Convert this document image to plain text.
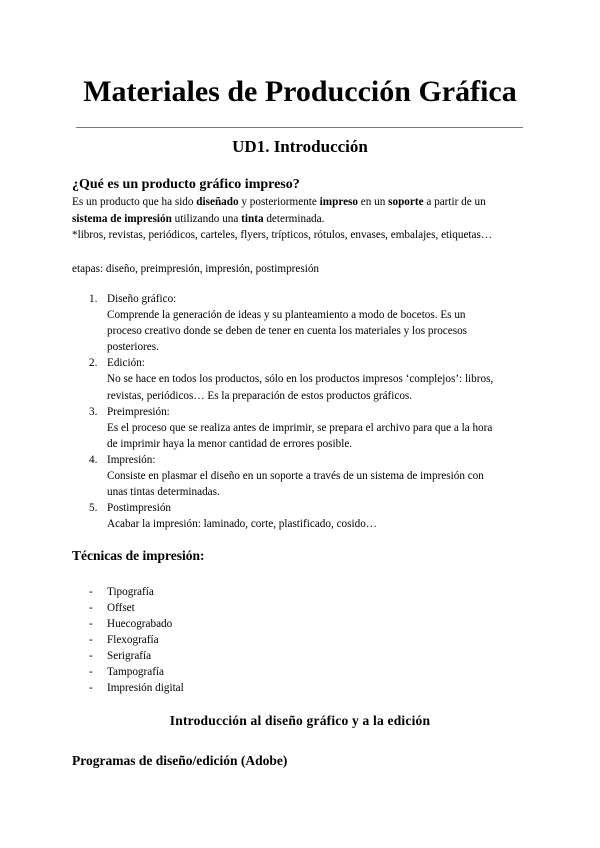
Materiales de Producción Gráfica
UD1. Introducción
¿Qué es un producto gráfico impreso?
Es un producto que ha sido diseñado y posteriormente impreso en un soporte a partir de un
sistema de impresión utilizando una tinta determinada.
*libros, revistas, periódicos, carteles, flyers, trípticos, rótulos, envases, embalajes, etiquetas…

etapas: diseño, preimpresión, impresión, postimpresión

1. Diseño gráfico:
Comprende la generación de ideas y su planteamiento a modo de bocetos. Es un
proceso creativo donde se deben de tener en cuenta los materiales y los procesos
posteriores.
2. Edición:
No se hace en todos los productos, sólo en los productos impresos ‘complejos’: libros,
revistas, periódicos… Es la preparación de estos productos gráficos.
3. Preimpresión:
Es el proceso que se realiza antes de imprimir, se prepara el archivo para que a la hora
de imprimir haya la menor cantidad de errores posible.
4. Impresión:
Consiste en plasmar el diseño en un soporte a través de un sistema de impresión con
unas tintas determinadas.
5. Postimpresión
Acabar la impresión: laminado, corte, plastificado, cosido…
Técnicas de impresión:
- Tipografía
- Offset
- Huecograbado
- Flexografía
- Serigrafía
- Tampografía
- Impresión digital
Introducción al diseño gráfico y a la edición
Programas de diseño/edición (Adobe)
